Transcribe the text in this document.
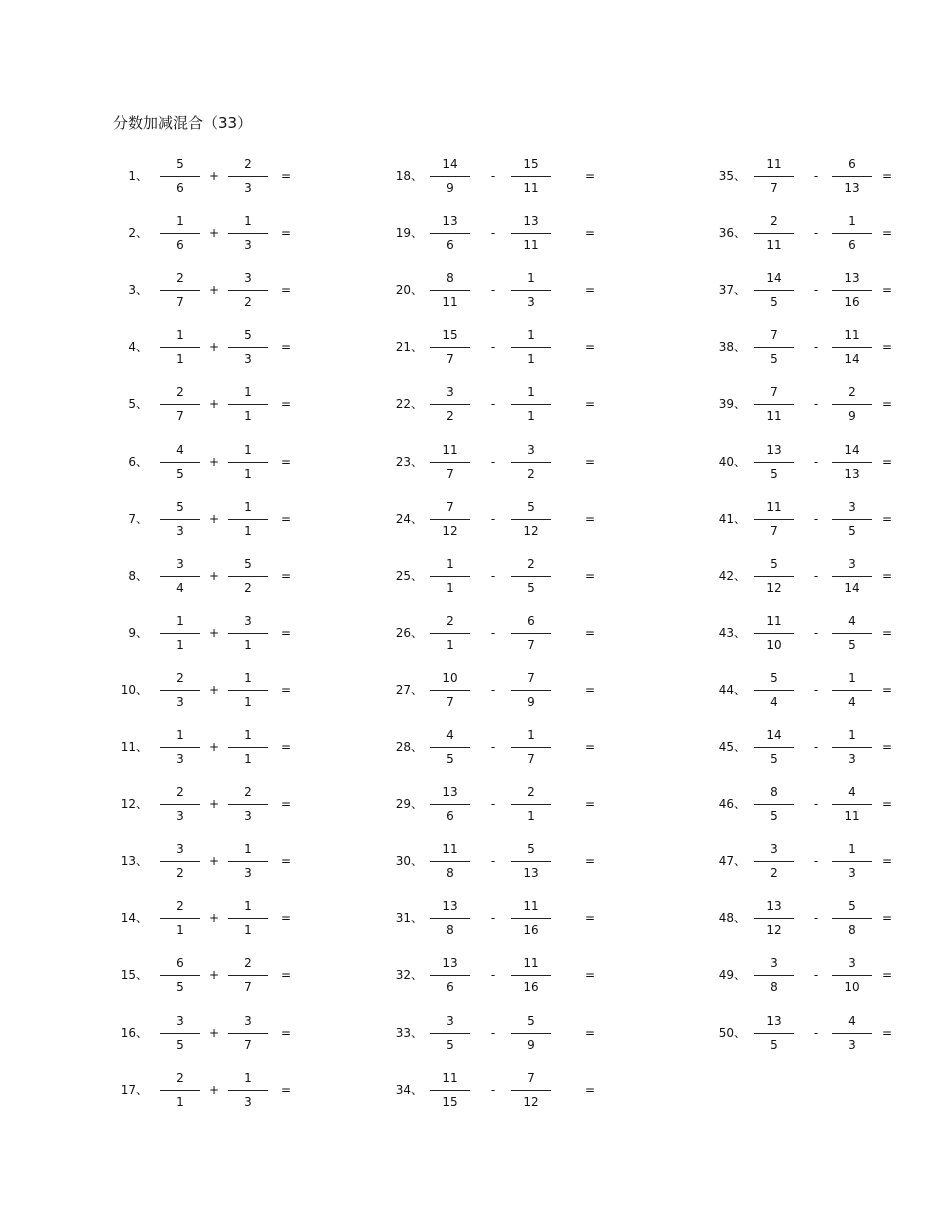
分数加减混合（33）
1、
5
6
+
2
3
=
2、
1
6
+
1
3
=
3、
2
7
+
3
2
=
4、
1
1
+
5
3
=
5、
2
7
+
1
1
=
6、
4
5
+
1
1
=
7、
5
3
+
1
1
=
8、
3
4
+
5
2
=
9、
1
1
+
3
1
=
10、
2
3
+
1
1
=
11、
1
3
+
1
1
=
12、
2
3
+
2
3
=
13、
3
2
+
1
3
=
14、
2
1
+
1
1
=
15、
6
5
+
2
7
=
16、
3
5
+
3
7
=
17、
2
1
+
1
3
=
18、
14
9
-
15
11
=
19、
13
6
-
13
11
=
20、
8
11
-
1
3
=
21、
15
7
-
1
1
=
22、
3
2
-
1
1
=
23、
11
7
-
3
2
=
24、
7
12
-
5
12
=
25、
1
1
-
2
5
=
26、
2
1
-
6
7
=
27、
10
7
-
7
9
=
28、
4
5
-
1
7
=
29、
13
6
-
2
1
=
30、
11
8
-
5
13
=
31、
13
8
-
11
16
=
32、
13
6
-
11
16
=
33、
3
5
-
5
9
=
34、
11
15
-
7
12
=
35、
11
7
-
6
13
=
36、
2
11
-
1
6
=
37、
14
5
-
13
16
=
38、
7
5
-
11
14
=
39、
7
11
-
2
9
=
40、
13
5
-
14
13
=
41、
11
7
-
3
5
=
42、
5
12
-
3
14
=
43、
11
10
-
4
5
=
44、
5
4
-
1
4
=
45、
14
5
-
1
3
=
46、
8
5
-
4
11
=
47、
3
2
-
1
3
=
48、
13
12
-
5
8
=
49、
3
8
-
3
10
=
50、
13
5
-
4
3
=
